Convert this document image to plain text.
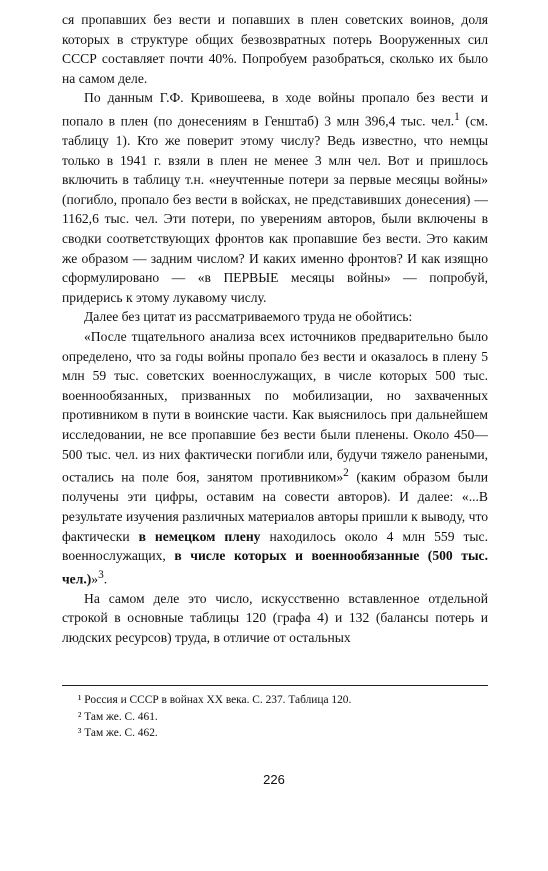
ся пропавших без вести и попавших в плен советских воинов, доля которых в структуре общих безвозвратных потерь Вооруженных сил СССР составляет почти 40%. Попробуем разобраться, сколько их было на самом деле.

По данным Г.Ф. Кривошеева, в ходе войны пропало без вести и попало в плен (по донесениям в Генштаб) 3 млн 396,4 тыс. чел.$^1$ (см. таблицу 1). Кто же поверит этому числу? Ведь известно, что немцы только в 1941 г. взяли в плен не менее 3 млн чел. Вот и пришлось включить в таблицу т.н. «неучтенные потери за первые месяцы войны» (погибло, пропало без вести в войсках, не представивших донесения) — 1162,6 тыс. чел. Эти потери, по уверениям авторов, были включены в сводки соответствующих фронтов как пропавшие без вести. Это каким же образом — задним числом? И каких именно фронтов? И как изящно сформулировано — «в ПЕРВЫЕ месяцы войны» — попробуй, придерись к этому лукавому числу.

Далее без цитат из рассматриваемого труда не обойтись:

«После тщательного анализа всех источников предварительно было определено, что за годы войны пропало без вести и оказалось в плену 5 млн 59 тыс. советских военнослужащих, в числе которых 500 тыс. военнообязанных, призванных по мобилизации, но захваченных противником в пути в воинские части. Как выяснилось при дальнейшем исследовании, не все пропавшие без вести были пленены. Около 450—500 тыс. чел. из них фактически погибли или, будучи тяжело ранеными, остались на поле боя, занятом противником»$^2$ (каким образом были получены эти цифры, оставим на совести авторов). И далее: «...В результате изучения различных материалов авторы пришли к выводу, что фактически в немецком плену находилось около 4 млн 559 тыс. военнослужащих, в числе которых и военнообязанные (500 тыс. чел.)»$^3$.

На самом деле это число, искусственно вставленное отдельной строкой в основные таблицы 120 (графа 4) и 132 (балансы потерь и людских ресурсов) труда, в отличие от остальных

¹ Россия и СССР в войнах XX века. С. 237. Таблица 120.
² Там же. С. 461.
³ Там же. С. 462.
226
